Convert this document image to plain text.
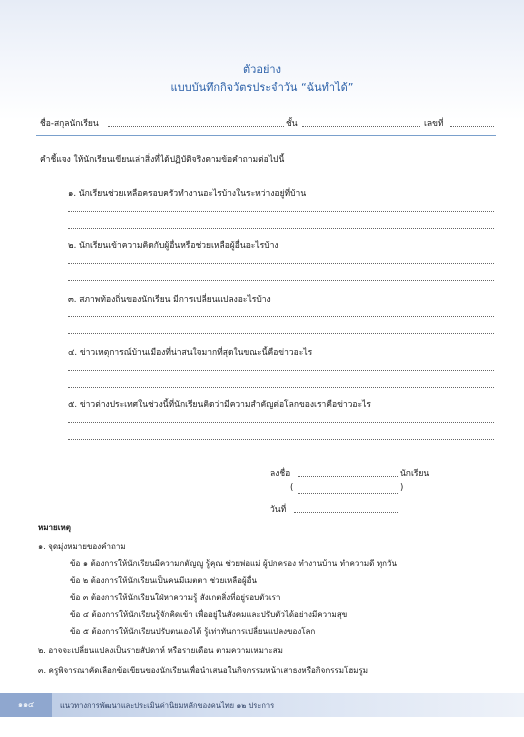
ตัวอย่าง
แบบบันทึกกิจวัตรประจำวัน “ฉันทำได้”
ชื่อ-สกุลนักเรียน	ชั้น	เลขที่
คำชี้แจง ให้นักเรียนเขียนเล่าสิ่งที่ได้ปฏิบัติจริงตามข้อคำถามต่อไปนี้
๑. นักเรียนช่วยเหลือครอบครัวทำงานอะไรบ้างในระหว่างอยู่ที่บ้าน
๒. นักเรียนเข้าความคิดกับผู้อื่นหรือช่วยเหลือผู้อื่นอะไรบ้าง
๓. สภาพท้องถิ่นของนักเรียน มีการเปลี่ยนแปลงอะไรบ้าง
๔. ข่าวเหตุการณ์บ้านเมืองที่น่าสนใจมากที่สุดในขณะนี้คือข่าวอะไร
๕. ข่าวต่างประเทศในช่วงนี้ที่นักเรียนคิดว่ามีความสำคัญต่อโลกของเราคือข่าวอะไร
ลงชื่อ	นักเรียน
(	)
วันที่
หมายเหตุ
๑. จุดมุ่งหมายของคำถาม
ข้อ ๑ ต้องการให้นักเรียนมีความกตัญญู รู้คุณ ช่วยพ่อแม่ ผู้ปกครอง ทำงานบ้าน ทำความดี ทุกวัน
ข้อ ๒ ต้องการให้นักเรียนเป็นคนมีเมตตา ช่วยเหลือผู้อื่น
ข้อ ๓ ต้องการให้นักเรียนใฝ่หาความรู้ สังเกตสิ่งที่อยู่รอบตัวเรา
ข้อ ๔ ต้องการให้นักเรียนรู้จักคิดเข้า เพื่ออยู่ในสังคมและปรับตัวได้อย่างมีความสุข
ข้อ ๕ ต้องการให้นักเรียนปรับตนเองได้ รู้เท่าทันการเปลี่ยนแปลงของโลก
๒. อาจจะเปลี่ยนแปลงเป็นรายสัปดาห์ หรือรายเดือน ตามความเหมาะสม
๓. ครูพิจารณาคัดเลือกข้อเขียนของนักเรียนเพื่อนำเสนอในกิจกรรมหน้าเสาธงหรือกิจกรรมโฮมรูม
๑๑๔	แนวทางการพัฒนาและประเมินค่านิยมหลักของคนไทย ๑๒ ประการ
